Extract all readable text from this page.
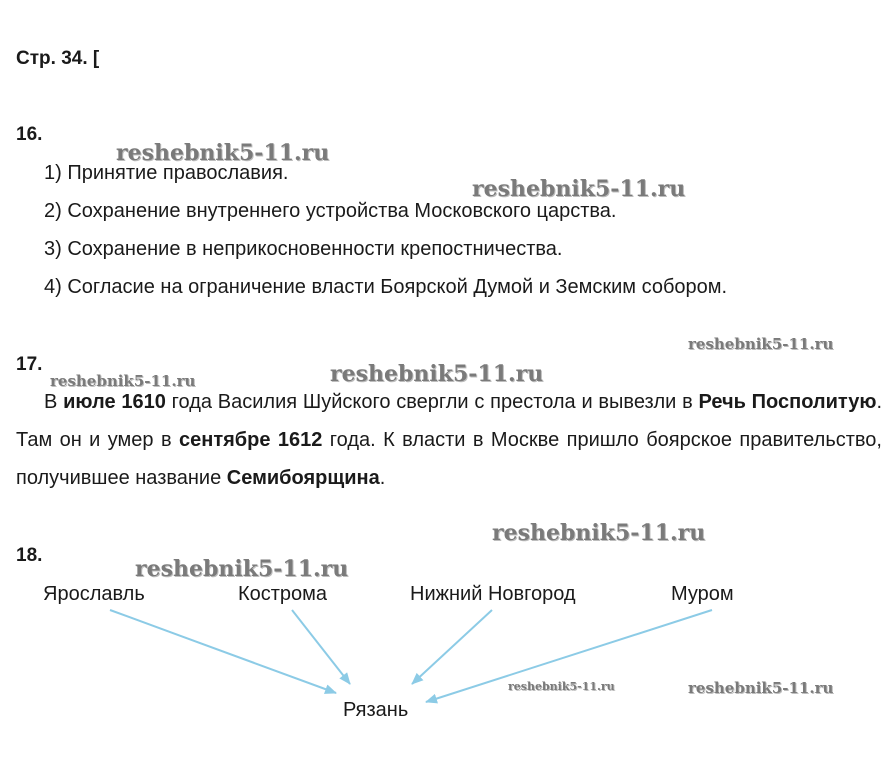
Стр. 34. [
16.
1) Принятие православия.
2) Сохранение внутреннего устройства Московского царства.
3) Сохранение в неприкосновенности крепостничества.
4) Согласие на ограничение власти Боярской Думой и Земским собором.
17.
В июле 1610 года Василия Шуйского свергли с престола и вывезли в Речь Посполитую. Там он и умер в сентябре 1612 года. К власти в Москве пришло боярское правительство, получившее название Семибоярщина.
18.
Ярославль	Кострома	Нижний Новгород	Муром
Рязань
reshebnik5-11.ru
reshebnik5-11.ru
reshebnik5-11.ru
reshebnik5-11.ru
reshebnik5-11.ru
reshebnik5-11.ru
reshebnik5-11.ru
reshebnik5-11.ru	reshebnik5-11.ru
